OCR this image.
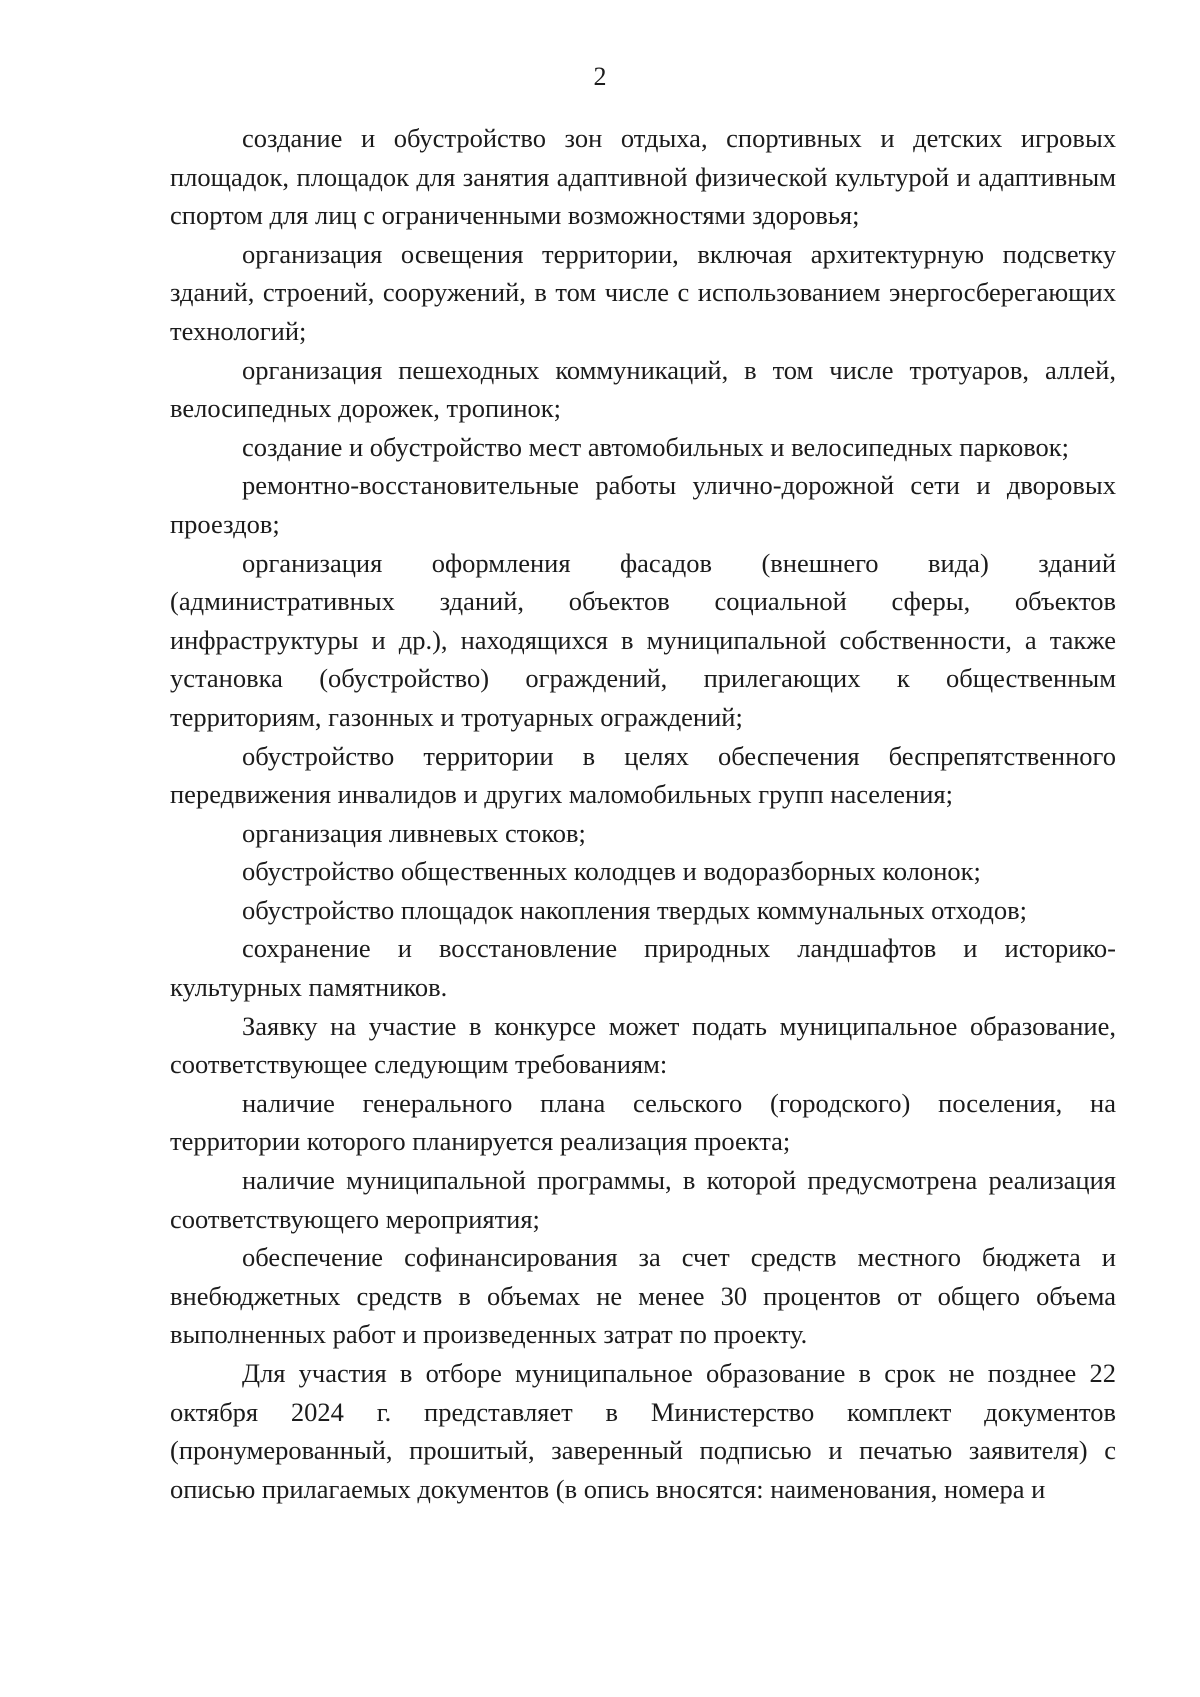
2

создание и обустройство зон отдыха, спортивных и детских игровых площадок, площадок для занятия адаптивной физической культурой и адаптивным спортом для лиц с ограниченными возможностями здоровья;

организация освещения территории, включая архитектурную подсветку зданий, строений, сооружений, в том числе с использованием энергосберегающих технологий;

организация пешеходных коммуникаций, в том числе тротуаров, аллей, велосипедных дорожек, тропинок;

создание и обустройство мест автомобильных и велосипедных парковок;

ремонтно-восстановительные работы улично-дорожной сети и дворовых проездов;

организация оформления фасадов (внешнего вида) зданий (административных зданий, объектов социальной сферы, объектов инфраструктуры и др.), находящихся в муниципальной собственности, а также установка (обустройство) ограждений, прилегающих к общественным территориям, газонных и тротуарных ограждений;

обустройство территории в целях обеспечения беспрепятственного передвижения инвалидов и других маломобильных групп населения;

организация ливневых стоков;

обустройство общественных колодцев и водоразборных колонок;

обустройство площадок накопления твердых коммунальных отходов;

сохранение и восстановление природных ландшафтов и историко-культурных памятников.

Заявку на участие в конкурсе может подать муниципальное образование, соответствующее следующим требованиям:

наличие генерального плана сельского (городского) поселения, на территории которого планируется реализация проекта;

наличие муниципальной программы, в которой предусмотрена реализация соответствующего мероприятия;

обеспечение софинансирования за счет средств местного бюджета и внебюджетных средств в объемах не менее 30 процентов от общего объема выполненных работ и произведенных затрат по проекту.

Для участия в отборе муниципальное образование в срок не позднее 22 октября 2024 г. представляет в Министерство комплект документов (пронумерованный, прошитый, заверенный подписью и печатью заявителя) с описью прилагаемых документов (в опись вносятся: наименования, номера и
